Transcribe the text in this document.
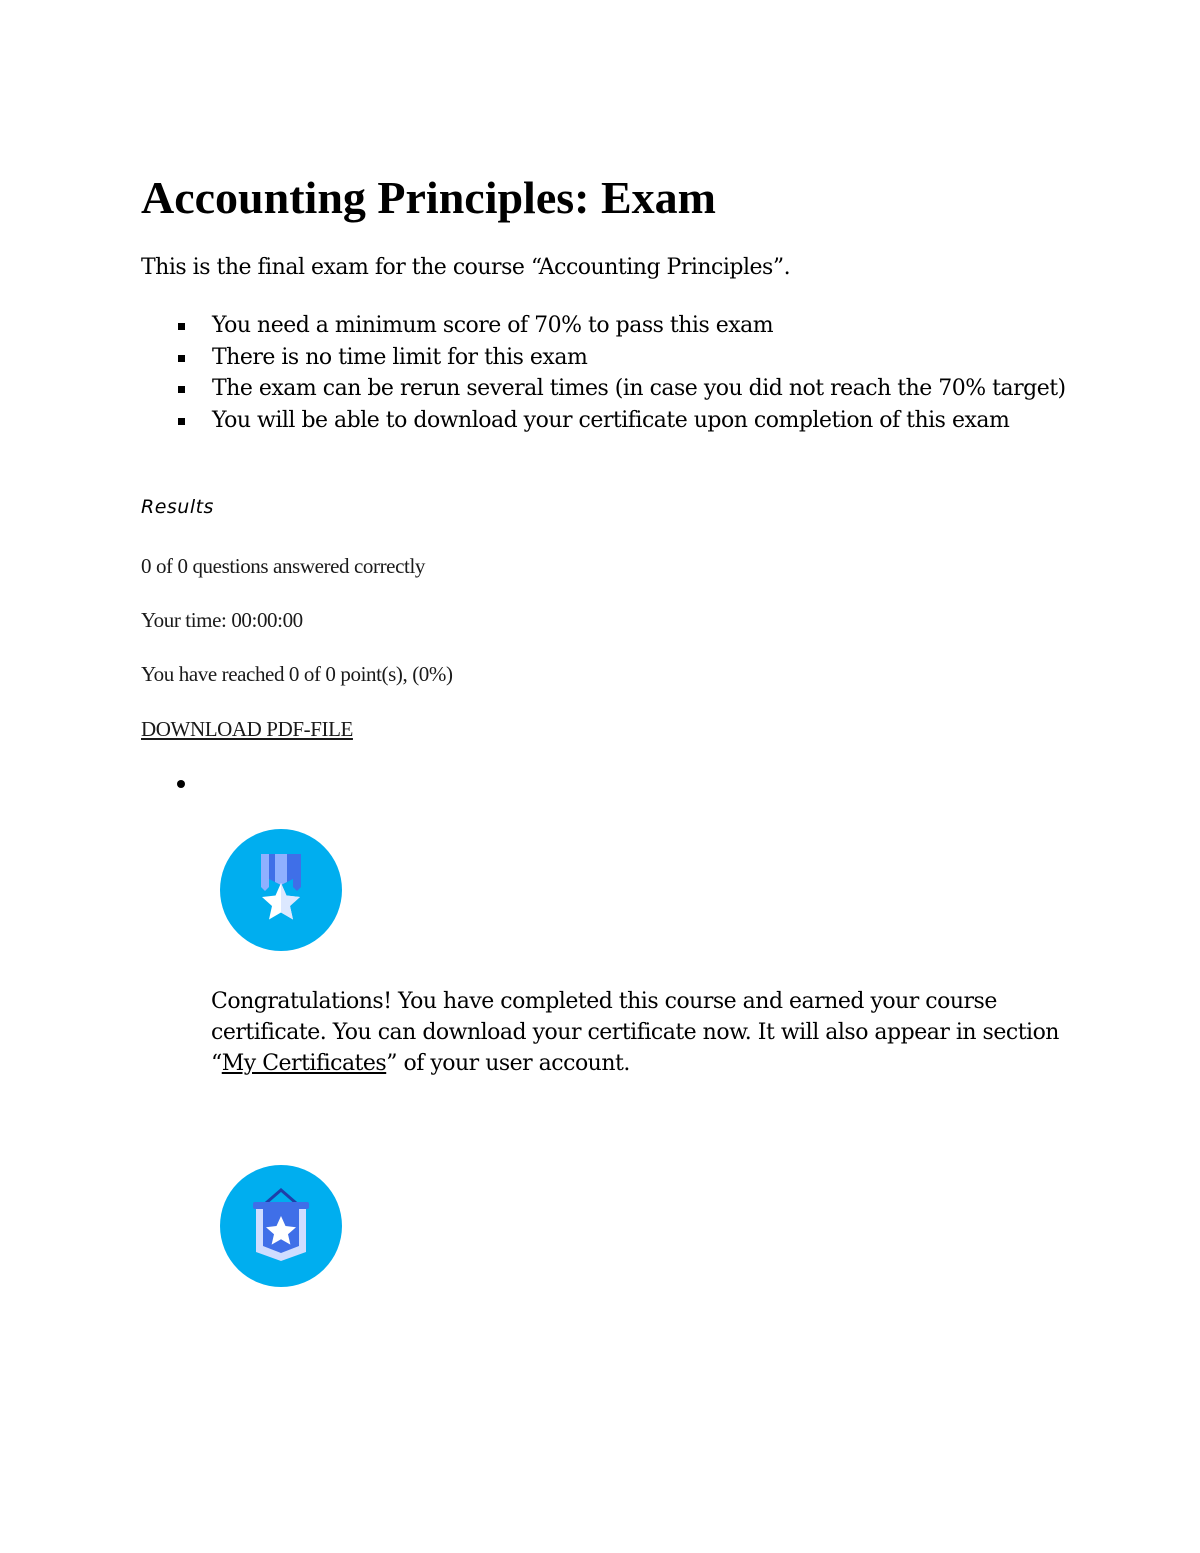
Accounting Principles: Exam

This is the final exam for the course “Accounting Principles”.

You need a minimum score of 70% to pass this exam
There is no time limit for this exam
The exam can be rerun several times (in case you did not reach the 70% target)
You will be able to download your certificate upon completion of this exam

Results

0 of 0 questions answered correctly

Your time: 00:00:00

You have reached 0 of 0 point(s), (0%)

DOWNLOAD PDF-FILE

Congratulations! You have completed this course and earned your course certificate. You can download your certificate now. It will also appear in section “My Certificates” of your user account.
